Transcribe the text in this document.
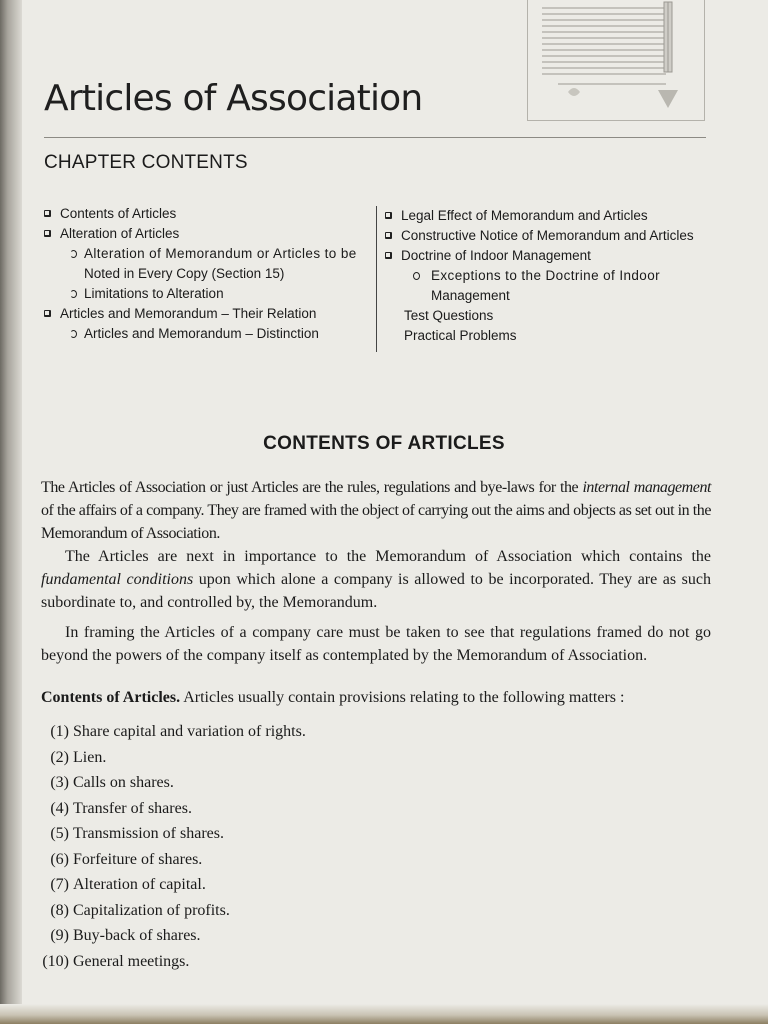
Articles of Association
CHAPTER CONTENTS
Contents of Articles
Alteration of Articles
Alteration of Memorandum or Articles to be
Noted in Every Copy (Section 15)
Limitations to Alteration
Articles and Memorandum – Their Relation
Articles and Memorandum – Distinction
Legal Effect of Memorandum and Articles
Constructive Notice of Memorandum and Articles
Doctrine of Indoor Management
Exceptions to the Doctrine of Indoor
Management
Test Questions
Practical Problems
CONTENTS OF ARTICLES

The Articles of Association or just Articles are the rules, regulations and bye-laws for the internal management of the affairs of a company. They are framed with the object of carrying out the aims and objects as set out in the Memorandum of Association.

The Articles are next in importance to the Memorandum of Association which contains the fundamental conditions upon which alone a company is allowed to be incorporated. They are as such subordinate to, and controlled by, the Memorandum.

In framing the Articles of a company care must be taken to see that regulations framed do not go beyond the powers of the company itself as contemplated by the Memorandum of Association.

Contents of Articles. Articles usually contain provisions relating to the following matters :

(1) Share capital and variation of rights.
(2) Lien.
(3) Calls on shares.
(4) Transfer of shares.
(5) Transmission of shares.
(6) Forfeiture of shares.
(7) Alteration of capital.
(8) Capitalization of profits.
(9) Buy-back of shares.
(10) General meetings.
